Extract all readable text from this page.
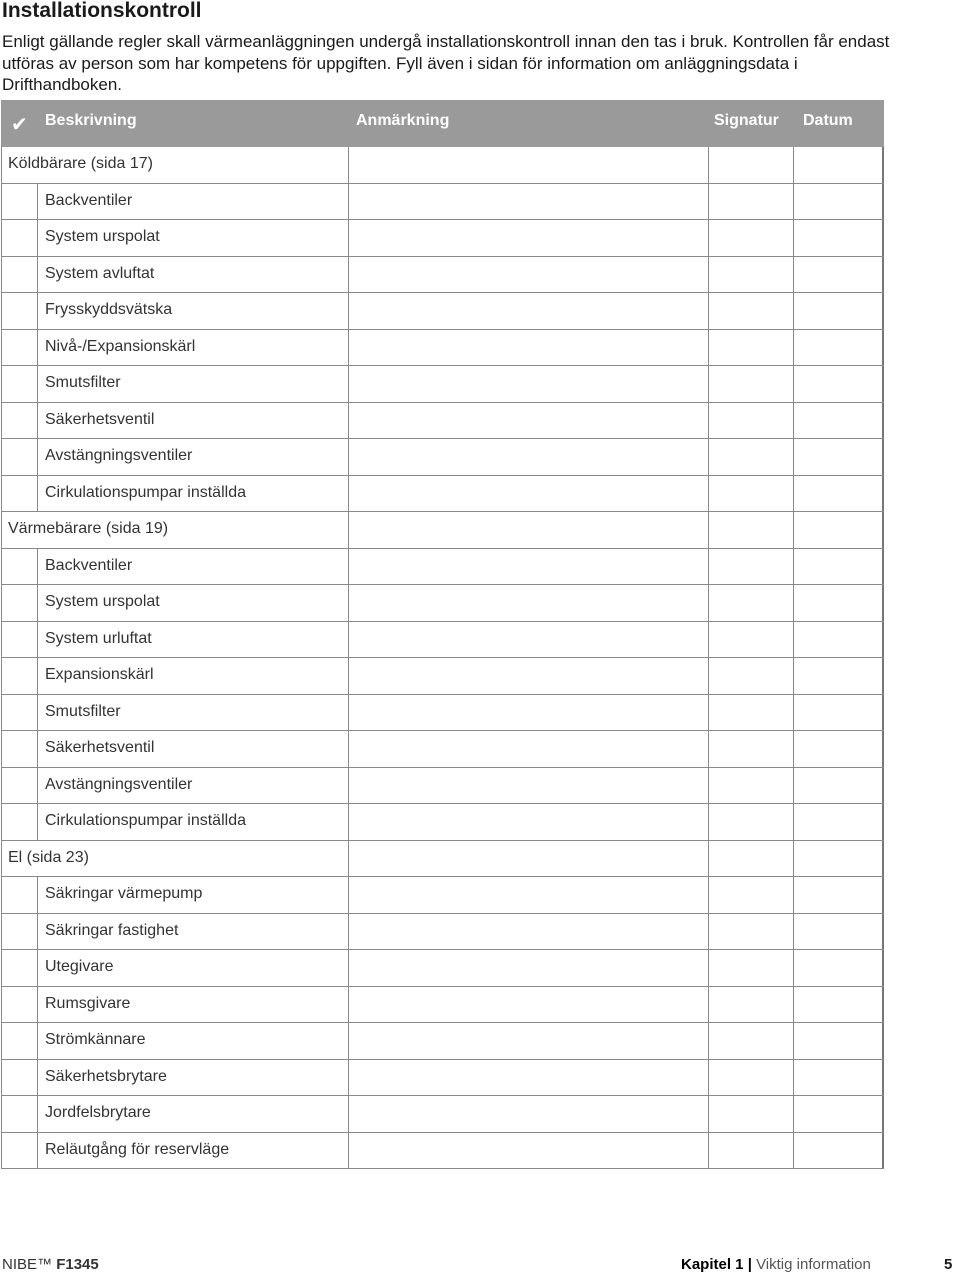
Installationskontroll

Enligt gällande regler skall värmeanläggningen undergå installationskontroll innan den tas i bruk. Kontrollen får endast utföras av person som har kompetens för uppgiften. Fyll även i sidan för information om anläggningsdata i Drifthandboken.

✔ Beskrivning	Anmärkning	Signatur Datum
Köldbärare (sida 17)
Backventiler
System urspolat
System avluftat
Frysskyddsvätska
Nivå-/Expansionskärl
Smutsfilter
Säkerhetsventil
Avstängningsventiler
Cirkulationspumpar inställda
Värmebärare (sida 19)
Backventiler
System urspolat
System urluftat
Expansionskärl
Smutsfilter
Säkerhetsventil
Avstängningsventiler
Cirkulationspumpar inställda
El (sida 23)
Säkringar värmepump
Säkringar fastighet
Utegivare
Rumsgivare
Strömkännare
Säkerhetsbrytare
Jordfelsbrytare
Reläutgång för reservläge
NIBE™ F1345	Kapitel 1 | Viktig information	5
